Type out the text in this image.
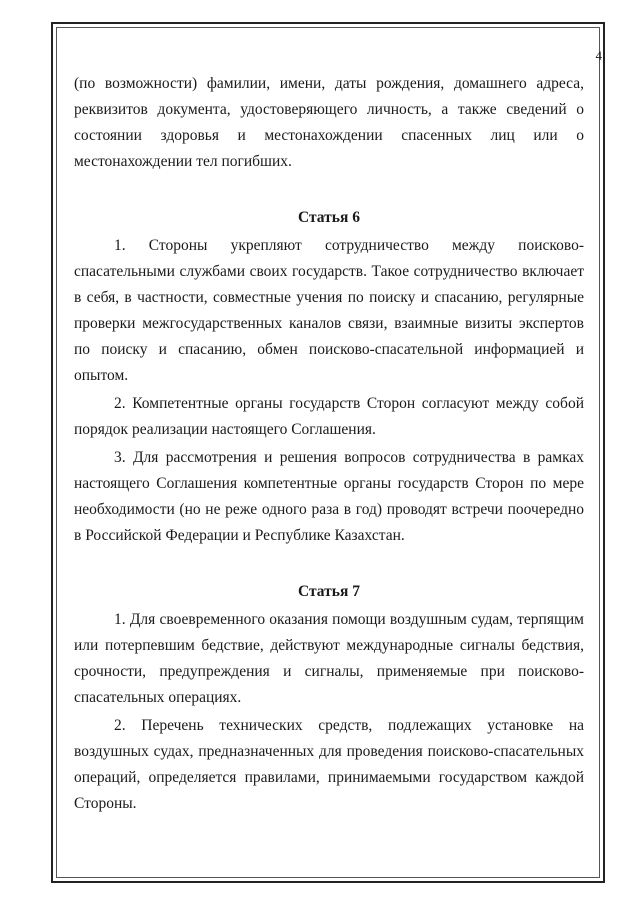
4

(по возможности) фамилии, имени, даты рождения, домашнего адреса, реквизитов документа, удостоверяющего личность, а также сведений о состоянии здоровья и местонахождении спасенных лиц или о местонахождении тел погибших.

Статья 6

1. Стороны укрепляют сотрудничество между поисково-спасательными службами своих государств. Такое сотрудничество включает в себя, в частности, совместные учения по поиску и спасанию, регулярные проверки межгосударственных каналов связи, взаимные визиты экспертов по поиску и спасанию, обмен поисково-спасательной информацией и опытом.

2. Компетентные органы государств Сторон согласуют между собой порядок реализации настоящего Соглашения.

3. Для рассмотрения и решения вопросов сотрудничества в рамках настоящего Соглашения компетентные органы государств Сторон по мере необходимости (но не реже одного раза в год) проводят встречи поочередно в Российской Федерации и Республике Казахстан.

Статья 7

1. Для своевременного оказания помощи воздушным судам, терпящим или потерпевшим бедствие, действуют международные сигналы бедствия, срочности, предупреждения и сигналы, применяемые при поисково-спасательных операциях.

2. Перечень технических средств, подлежащих установке на воздушных судах, предназначенных для проведения поисково-спасательных операций, определяется правилами, принимаемыми государством каждой Стороны.
